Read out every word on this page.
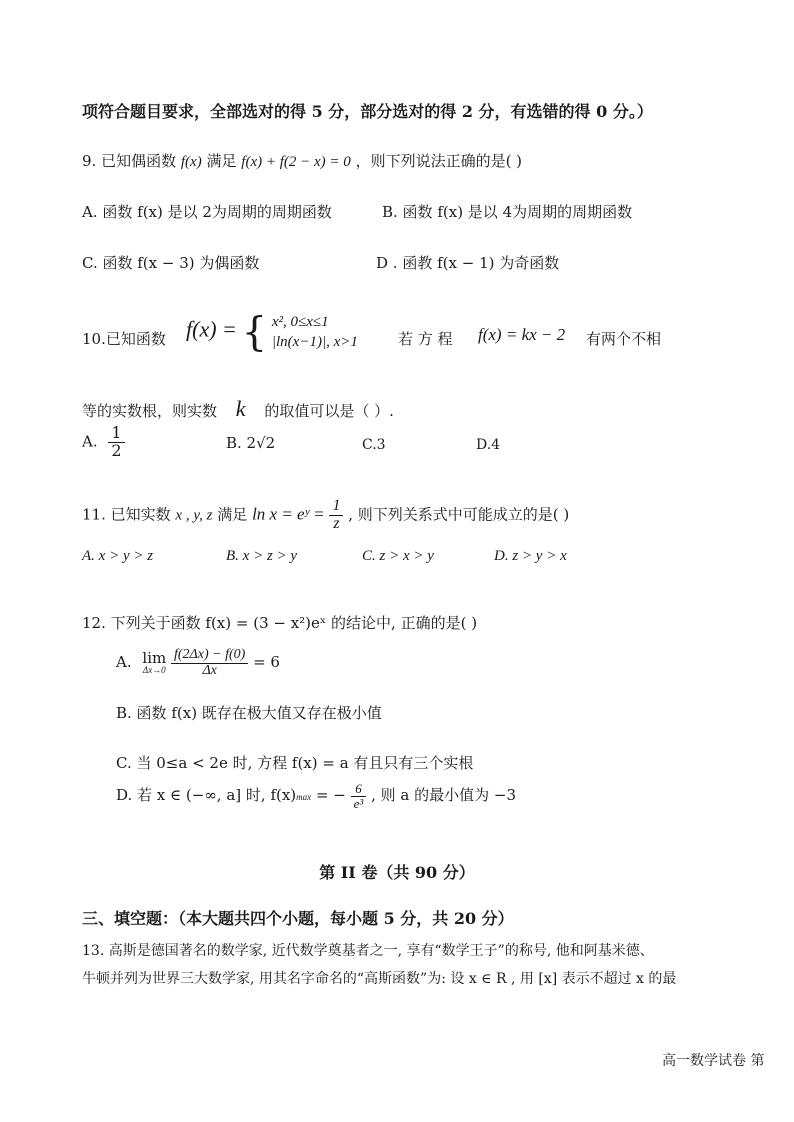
项符合题目要求，全部选对的得 5 分，部分选对的得 2 分，有选错的得 0 分。）
9. 已知偶函数 f(x) 满足 f(x) + f(2 − x) = 0 ，则下列说法正确的是( )
A. 函数 f(x) 是以 2为周期的周期函数	B. 函数 f(x) 是以 4为周期的周期函数
C. 函数 f(x − 3) 为偶函数	D . 函教 f(x − 1) 为奇函数
10.已知函数 f(x) = { x², 0≤x≤1
|ln(x−1)|, x>1	若 方 程 f(x) = kx − 2 有两个不相
等的实数根，则实数 k 的取值可以是（ ）.
A. $\frac{1}{2}$	B. 2√2	C.3	D.4
11. 已知实数 x , y, z 满足 ln x = eʸ = $\frac{1}{z}$ , 则下列关系式中可能成立的是( )
A. x > y > z	B. x > z > y	C. z > x > y	D. z > y > x
12. 下列关于函数 f(x) = (3 − x²)eˣ 的结论中, 正确的是( )
A. lim
Δx→0
$\frac{f(2\Delta x) - f(0)}{\Delta x} = 6$
B. 函数 f(x) 既存在极大值又存在极小值
C. 当 0≤a < 2e 时, 方程 f(x) = a 有且只有三个实根
D. 若 x ∈ (−∞, a] 时, f(x)max = − $\frac{6}{\text{e³}}$ , 则 a 的最小值为 −3
第 II 卷（共 90 分）
三、填空题：（本大题共四个小题，每小题 5 分，共 20 分）
13. 高斯是德国著名的数学家, 近代数学奠基者之一, 享有“数学王子”的称号, 他和阿基米德、
牛顿并列为世界三大数学家, 用其名字命名的“高斯函数”为: 设 x ∈ R , 用 [x] 表示不超过 x 的最
高一数学试卷 第
